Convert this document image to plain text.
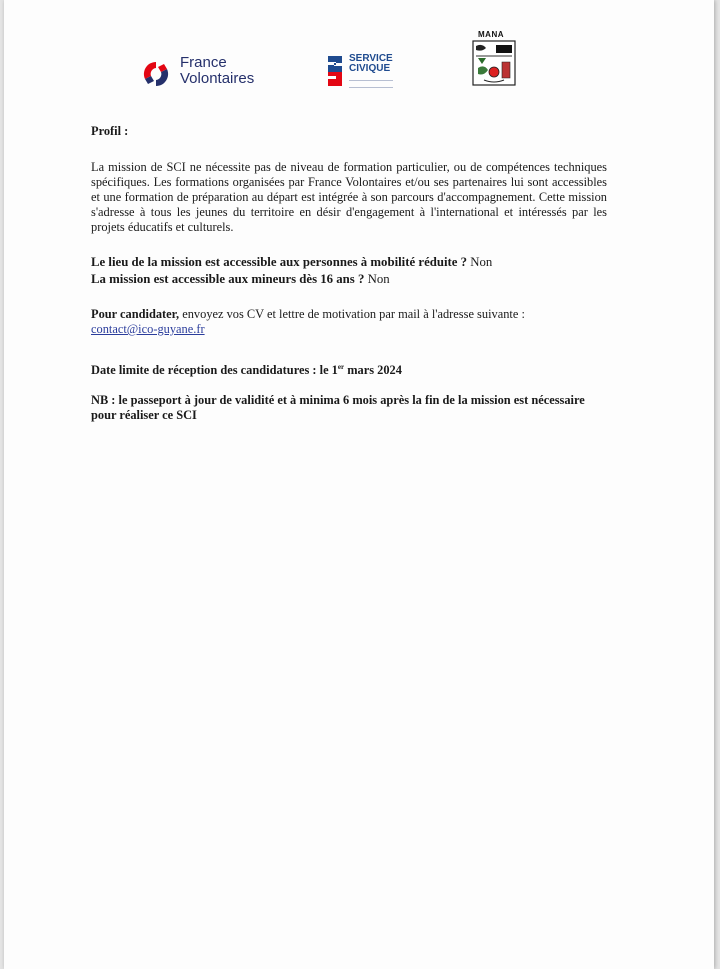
France
Volontaires
SERVICE
CIVIQUE
MANA

Profil :

La mission de SCI ne nécessite pas de niveau de formation particulier, ou de compétences techniques spécifiques. Les formations organisées par France Volontaires et/ou ses partenaires lui sont accessibles et une formation de préparation au départ est intégrée à son parcours d'accompagnement. Cette mission s'adresse à tous les jeunes du territoire en désir d'engagement à l'international et intéressés par les projets éducatifs et culturels.

Le lieu de la mission est accessible aux personnes à mobilité réduite ? Non

La mission est accessible aux mineurs dès 16 ans ? Non

Pour candidater, envoyez vos CV et lettre de motivation par mail à l'adresse suivante :
contact@ico-guyane.fr

Date limite de réception des candidatures : le 1er mars 2024

NB : le passeport à jour de validité et à minima 6 mois après la fin de la mission est nécessaire pour réaliser ce SCI
